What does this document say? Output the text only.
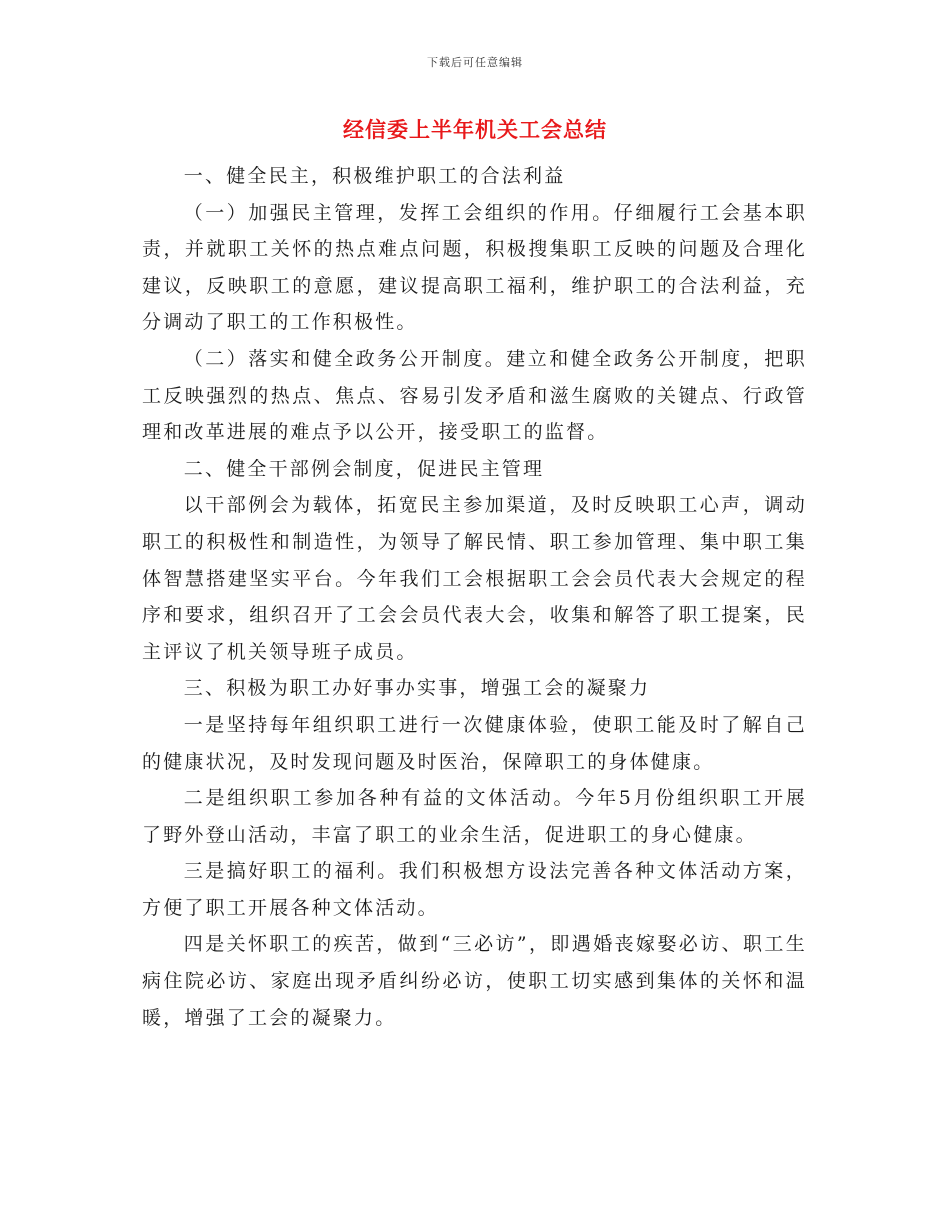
下载后可任意编辑
经信委上半年机关工会总结

一、健全民主，积极维护职工的合法利益

（一）加强民主管理，发挥工会组织的作用。仔细履行工会基本职责，并就职工关怀的热点难点问题，积极搜集职工反映的问题及合理化建议，反映职工的意愿，建议提高职工福利，维护职工的合法利益，充分调动了职工的工作积极性。

（二）落实和健全政务公开制度。建立和健全政务公开制度，把职工反映强烈的热点、焦点、容易引发矛盾和滋生腐败的关键点、行政管理和改革进展的难点予以公开，接受职工的监督。

二、健全干部例会制度，促进民主管理

以干部例会为载体，拓宽民主参加渠道，及时反映职工心声，调动职工的积极性和制造性，为领导了解民情、职工参加管理、集中职工集体智慧搭建坚实平台。今年我们工会根据职工会会员代表大会规定的程序和要求，组织召开了工会会员代表大会，收集和解答了职工提案，民主评议了机关领导班子成员。

三、积极为职工办好事办实事，增强工会的凝聚力

一是坚持每年组织职工进行一次健康体验，使职工能及时了解自己的健康状况，及时发现问题及时医治，保障职工的身体健康。

二是组织职工参加各种有益的文体活动。今年5月份组织职工开展了野外登山活动，丰富了职工的业余生活，促进职工的身心健康。

三是搞好职工的福利。我们积极想方设法完善各种文体活动方案，方便了职工开展各种文体活动。

四是关怀职工的疾苦，做到“三必访”，即遇婚丧嫁娶必访、职工生病住院必访、家庭出现矛盾纠纷必访，使职工切实感到集体的关怀和温暖，增强了工会的凝聚力。
